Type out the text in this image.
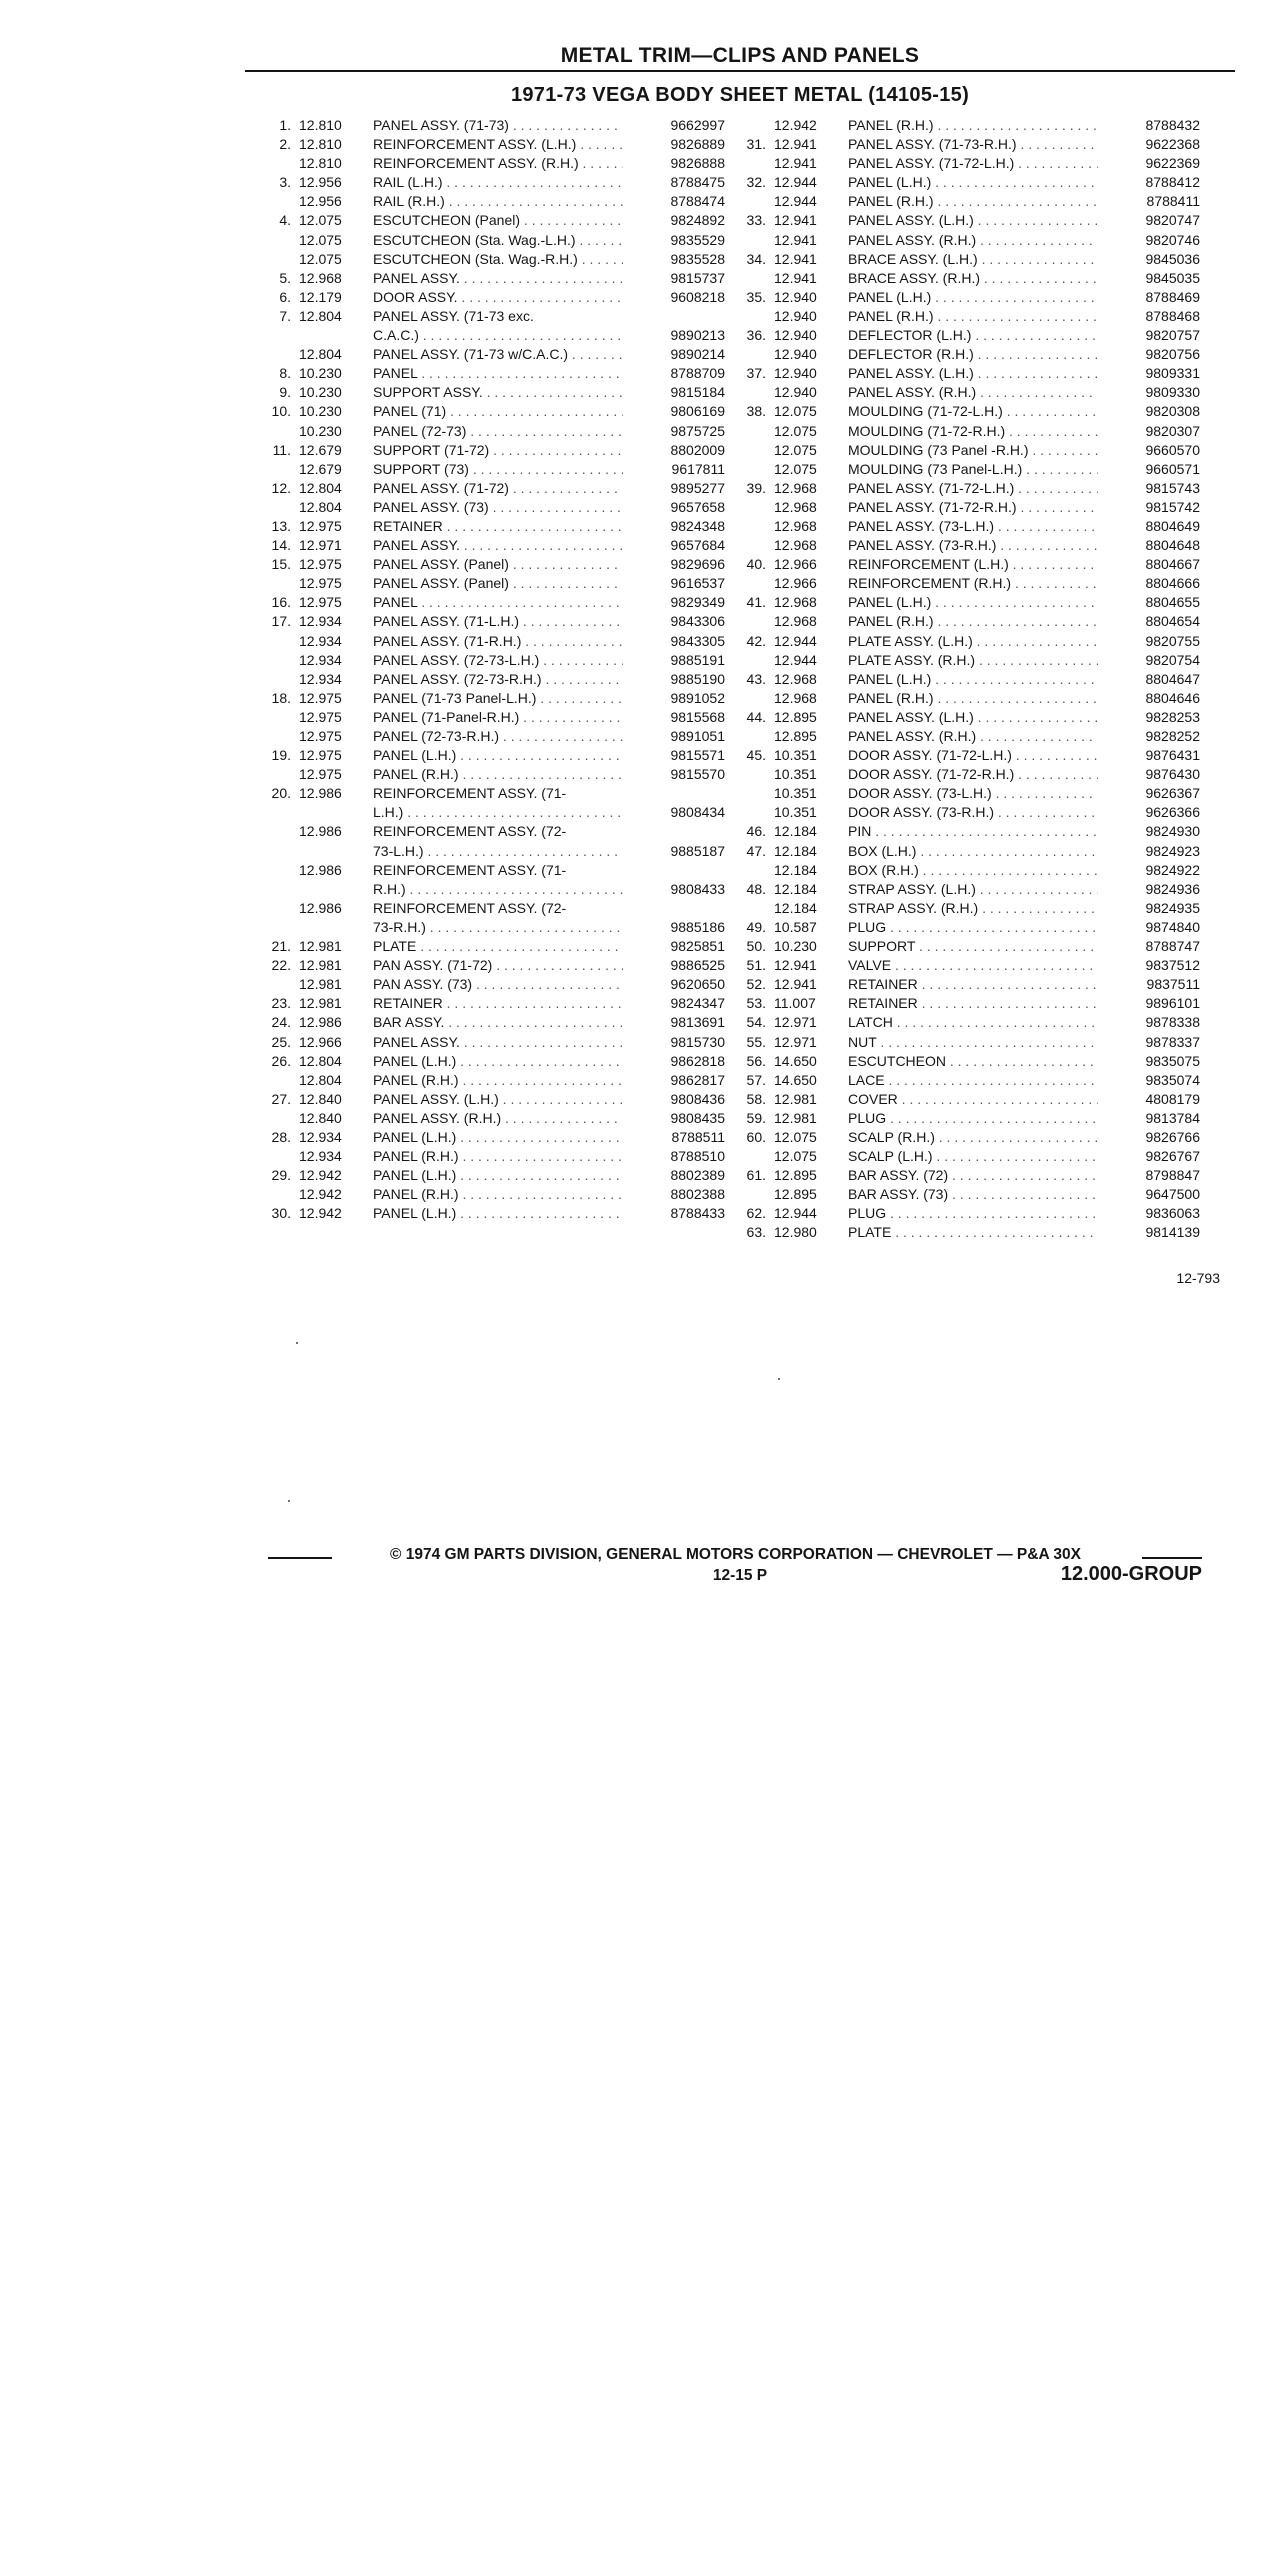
METAL TRIM—CLIPS AND PANELS
1971-73 VEGA BODY SHEET METAL (14105-15)
1. 12.810 PANEL ASSY. (71-73) . . .	9662997
2. 12.810 REINFORCEMENT ASSY. (L.H.) . . .	9826889
12.810 REINFORCEMENT ASSY. (R.H.) . . .	9826888
3. 12.956 RAIL (L.H.) . . .	8788475
12.956 RAIL (R.H.) . . .	8788474
4. 12.075 ESCUTCHEON (Panel) . . .	9824892
12.075 ESCUTCHEON (Sta. Wag.-L.H.) . . .	9835529
12.075 ESCUTCHEON (Sta. Wag.-R.H.) . . .	9835528
5. 12.968 PANEL ASSY. . . .	9815737
6. 12.179 DOOR ASSY. . . .	9608218
7. 12.804 PANEL ASSY. (71-73 exc.
C.A.C.) . . .	9890213
12.804 PANEL ASSY. (71-73 w/C.A.C.) . . .	9890214
8. 10.230 PANEL . . .	8788709
9. 10.230 SUPPORT ASSY. . . .	9815184
10. 10.230 PANEL (71) . . .	9806169
10.230 PANEL (72-73) . . .	9875725
11. 12.679 SUPPORT (71-72) . . .	8802009
12.679 SUPPORT (73) . . .	9617811
12. 12.804 PANEL ASSY. (71-72) . . .	9895277
12.804 PANEL ASSY. (73) . . .	9657658
13. 12.975 RETAINER . . .	9824348
14. 12.971 PANEL ASSY. . . .	9657684
15. 12.975 PANEL ASSY. (Panel) . . .	9829696
12.975 PANEL ASSY. (Panel) . . .	9616537
16. 12.975 PANEL . . .	9829349
17. 12.934 PANEL ASSY. (71-L.H.) . . .	9843306
12.934 PANEL ASSY. (71-R.H.) . . .	9843305
12.934 PANEL ASSY. (72-73-L.H.) . . .	9885191
12.934 PANEL ASSY. (72-73-R.H.) . . .	9885190
18. 12.975 PANEL (71-73 Panel-L.H.) . . .	9891052
12.975 PANEL (71-Panel-R.H.) . . .	9815568
12.975 PANEL (72-73-R.H.) . . .	9891051
19. 12.975 PANEL (L.H.) . . .	9815571
12.975 PANEL (R.H.) . . .	9815570
20. 12.986 REINFORCEMENT ASSY. (71-
L.H.) . . .	9808434
12.986 REINFORCEMENT ASSY. (72-
73-L.H.) . . .	9885187
12.986 REINFORCEMENT ASSY. (71-
R.H.) . . .	9808433
12.986 REINFORCEMENT ASSY. (72-
73-R.H.) . . .	9885186
21. 12.981 PLATE . . .	9825851
22. 12.981 PAN ASSY. (71-72) . . .	9886525
12.981 PAN ASSY. (73) . . .	9620650
23. 12.981 RETAINER . . .	9824347
24. 12.986 BAR ASSY. . . .	9813691
25. 12.966 PANEL ASSY. . . .	9815730
26. 12.804 PANEL (L.H.) . . .	9862818
12.804 PANEL (R.H.) . . .	9862817
27. 12.840 PANEL ASSY. (L.H.) . . .	9808436
12.840 PANEL ASSY. (R.H.) . . .	9808435
28. 12.934 PANEL (L.H.) . . .	8788511
12.934 PANEL (R.H.) . . .	8788510
29. 12.942 PANEL (L.H.) . . .	8802389
12.942 PANEL (R.H.) . . .	8802388
30. 12.942 PANEL (L.H.) . . .	8788433
12.942 PANEL (R.H.) . . .	8788432
31. 12.941 PANEL ASSY. (71-73-R.H.) . . .	9622368
12.941 PANEL ASSY. (71-72-L.H.) . . .	9622369
32. 12.944 PANEL (L.H.) . . .	8788412
12.944 PANEL (R.H.) . . .	8788411
33. 12.941 PANEL ASSY. (L.H.) . . .	9820747
12.941 PANEL ASSY. (R.H.) . . .	9820746
34. 12.941 BRACE ASSY. (L.H.) . . .	9845036
12.941 BRACE ASSY. (R.H.) . . .	9845035
35. 12.940 PANEL (L.H.) . . .	8788469
12.940 PANEL (R.H.) . . .	8788468
36. 12.940 DEFLECTOR (L.H.) . . .	9820757
12.940 DEFLECTOR (R.H.) . . .	9820756
37. 12.940 PANEL ASSY. (L.H.) . . .	9809331
12.940 PANEL ASSY. (R.H.) . . .	9809330
38. 12.075 MOULDING (71-72-L.H.) . . .	9820308
12.075 MOULDING (71-72-R.H.) . . .	9820307
12.075 MOULDING (73 Panel -R.H.) . . .	9660570
12.075 MOULDING (73 Panel-L.H.) . . .	9660571
39. 12.968 PANEL ASSY. (71-72-L.H.) . . .	9815743
12.968 PANEL ASSY. (71-72-R.H.) . . .	9815742
12.968 PANEL ASSY. (73-L.H.) . . .	8804649
12.968 PANEL ASSY. (73-R.H.) . . .	8804648
40. 12.966 REINFORCEMENT (L.H.) . . .	8804667
12.966 REINFORCEMENT (R.H.) . . .	8804666
41. 12.968 PANEL (L.H.) . . .	8804655
12.968 PANEL (R.H.) . . .	8804654
42. 12.944 PLATE ASSY. (L.H.) . . .	9820755
12.944 PLATE ASSY. (R.H.) . . .	9820754
43. 12.968 PANEL (L.H.) . . .	8804647
12.968 PANEL (R.H.) . . .	8804646
44. 12.895 PANEL ASSY. (L.H.) . . .	9828253
12.895 PANEL ASSY. (R.H.) . . .	9828252
45. 10.351 DOOR ASSY. (71-72-L.H.) . . .	9876431
10.351 DOOR ASSY. (71-72-R.H.) . . .	9876430
10.351 DOOR ASSY. (73-L.H.) . . .	9626367
10.351 DOOR ASSY. (73-R.H.) . . .	9626366
46. 12.184 PIN . . .	9824930
47. 12.184 BOX (L.H.) . . .	9824923
12.184 BOX (R.H.) . . .	9824922
48. 12.184 STRAP ASSY. (L.H.) . . .	9824936
12.184 STRAP ASSY. (R.H.) . . .	9824935
49. 10.587 PLUG . . .	9874840
50. 10.230 SUPPORT . . .	8788747
51. 12.941 VALVE . . .	9837512
52. 12.941 RETAINER . . .	9837511
53. 11.007 RETAINER . . .	9896101
54. 12.971 LATCH . . .	9878338
55. 12.971 NUT . . .	9878337
56. 14.650 ESCUTCHEON . . .	9835075
57. 14.650 LACE . . .	9835074
58. 12.981 COVER . . .	4808179
59. 12.981 PLUG . . .	9813784
60. 12.075 SCALP (R.H.) . . .	9826766
12.075 SCALP (L.H.) . . .	9826767
61. 12.895 BAR ASSY. (72) . . .	8798847
12.895 BAR ASSY. (73) . . .	9647500
62. 12.944 PLUG . . .	9836063
63. 12.980 PLATE . . .	9814139
12-793
© 1974 GM PARTS DIVISION, GENERAL MOTORS CORPORATION — CHEVROLET — P&A 30X
12-15 P	12.000-GROUP
